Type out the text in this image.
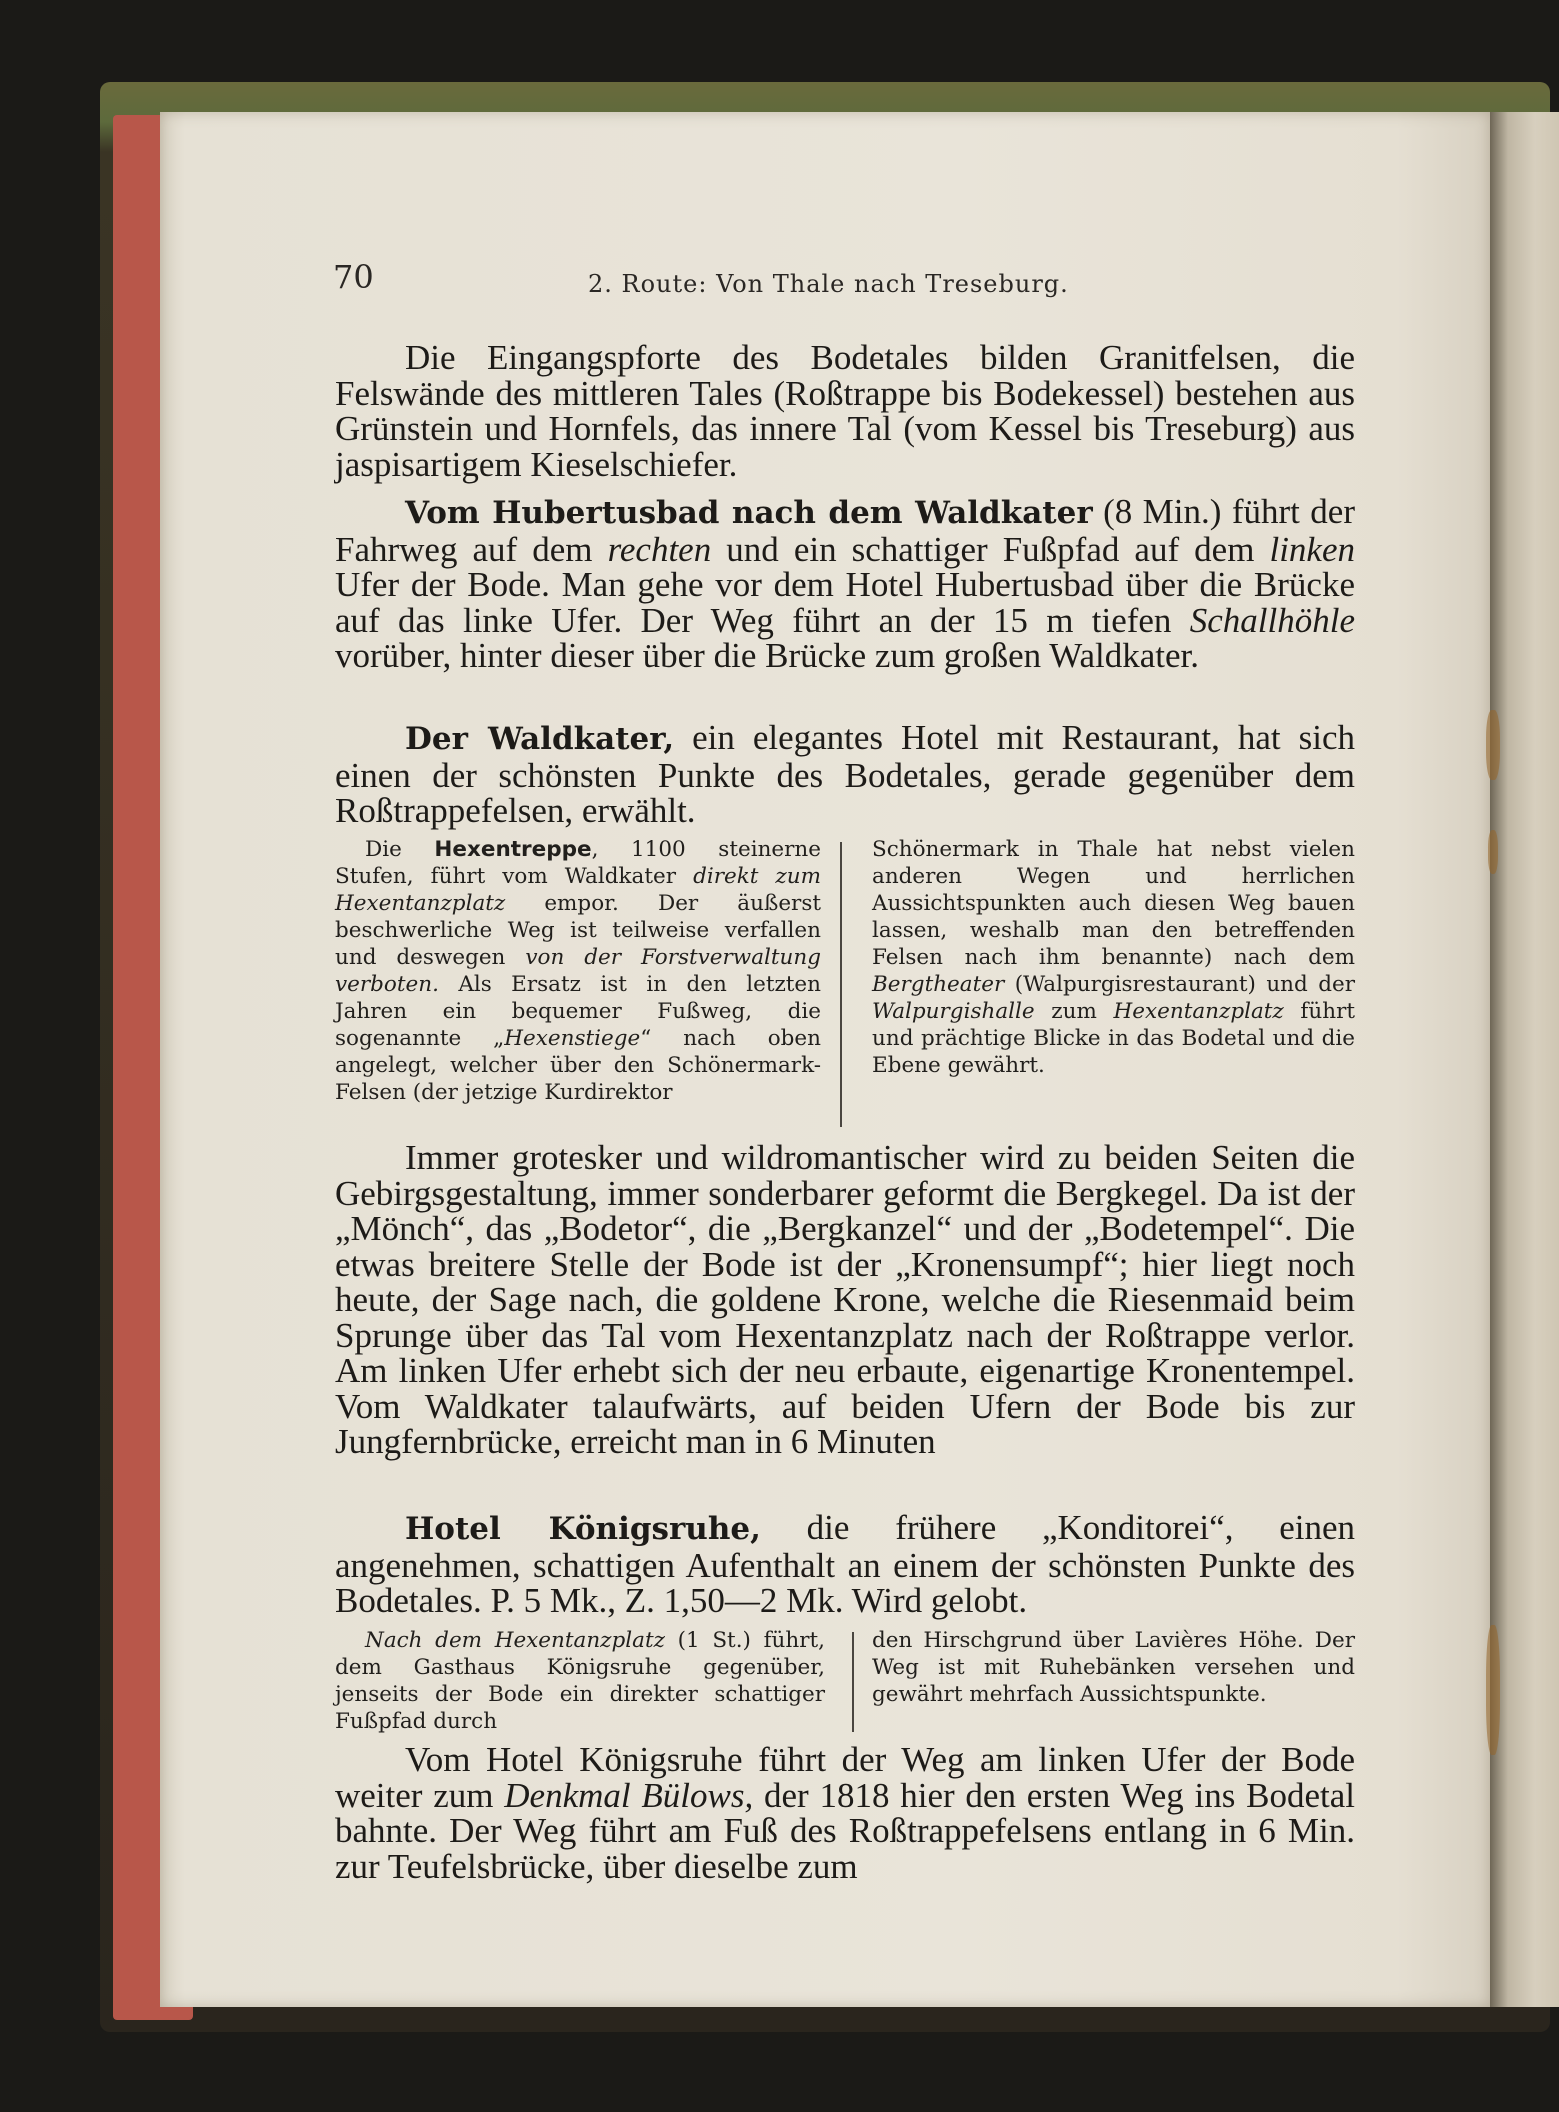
70	2. Route: Von Thale nach Treseburg.

Die Eingangspforte des Bodetales bilden Granitfelsen, die Felswände des mittleren Tales (Roßtrappe bis Bodekessel) bestehen aus Grünstein und Hornfels, das innere Tal (vom Kessel bis Treseburg) aus jaspisartigem Kieselschiefer.

Vom Hubertusbad nach dem Waldkater (8 Min.) führt der Fahrweg auf dem rechten und ein schattiger Fußpfad auf dem linken Ufer der Bode. Man gehe vor dem Hotel Hubertusbad über die Brücke auf das linke Ufer. Der Weg führt an der 15 m tiefen Schallhöhle vorüber, hinter dieser über die Brücke zum großen Waldkater.

Der Waldkater, ein elegantes Hotel mit Restaurant, hat sich einen der schönsten Punkte des Bodetales, gerade gegenüber dem Roßtrappefelsen, erwählt.

Die Hexentreppe, 1100 steinerne Stufen, führt vom Waldkater direkt zum Hexentanzplatz empor. Der äußerst beschwerliche Weg ist teilweise verfallen und deswegen von der Forstverwaltung verboten. Als Ersatz ist in den letzten Jahren ein bequemer Fußweg, die sogenannte „Hexenstiege“ nach oben angelegt, welcher über den Schönermark-Felsen (der jetzige Kurdirektor

Schönermark in Thale hat nebst vielen anderen Wegen und herrlichen Aussichtspunkten auch diesen Weg bauen lassen, weshalb man den betreffenden Felsen nach ihm benannte) nach dem Bergtheater (Walpurgisrestaurant) und der Walpurgishalle zum Hexentanzplatz führt und prächtige Blicke in das Bodetal und die Ebene gewährt.

Immer grotesker und wildromantischer wird zu beiden Seiten die Gebirgsgestaltung, immer sonderbarer geformt die Bergkegel. Da ist der „Mönch“, das „Bodetor“, die „Bergkanzel“ und der „Bodetempel“. Die etwas breitere Stelle der Bode ist der „Kronensumpf“; hier liegt noch heute, der Sage nach, die goldene Krone, welche die Riesenmaid beim Sprunge über das Tal vom Hexentanzplatz nach der Roßtrappe verlor. Am linken Ufer erhebt sich der neu erbaute, eigenartige Kronentempel. Vom Waldkater talaufwärts, auf beiden Ufern der Bode bis zur Jungfernbrücke, erreicht man in 6 Minuten

Hotel Königsruhe, die frühere „Konditorei“, einen angenehmen, schattigen Aufenthalt an einem der schönsten Punkte des Bodetales. P. 5 Mk., Z. 1,50—2 Mk. Wird gelobt.

Nach dem Hexentanzplatz (1 St.) führt, dem Gasthaus Königsruhe gegenüber, jenseits der Bode ein direkter schattiger Fußpfad durch

den Hirschgrund über Lavières Höhe. Der Weg ist mit Ruhebänken versehen und gewährt mehrfach Aussichtspunkte.

Vom Hotel Königsruhe führt der Weg am linken Ufer der Bode weiter zum Denkmal Bülows, der 1818 hier den ersten Weg ins Bodetal bahnte. Der Weg führt am Fuß des Roßtrappefelsens entlang in 6 Min. zur Teufelsbrücke, über dieselbe zum
